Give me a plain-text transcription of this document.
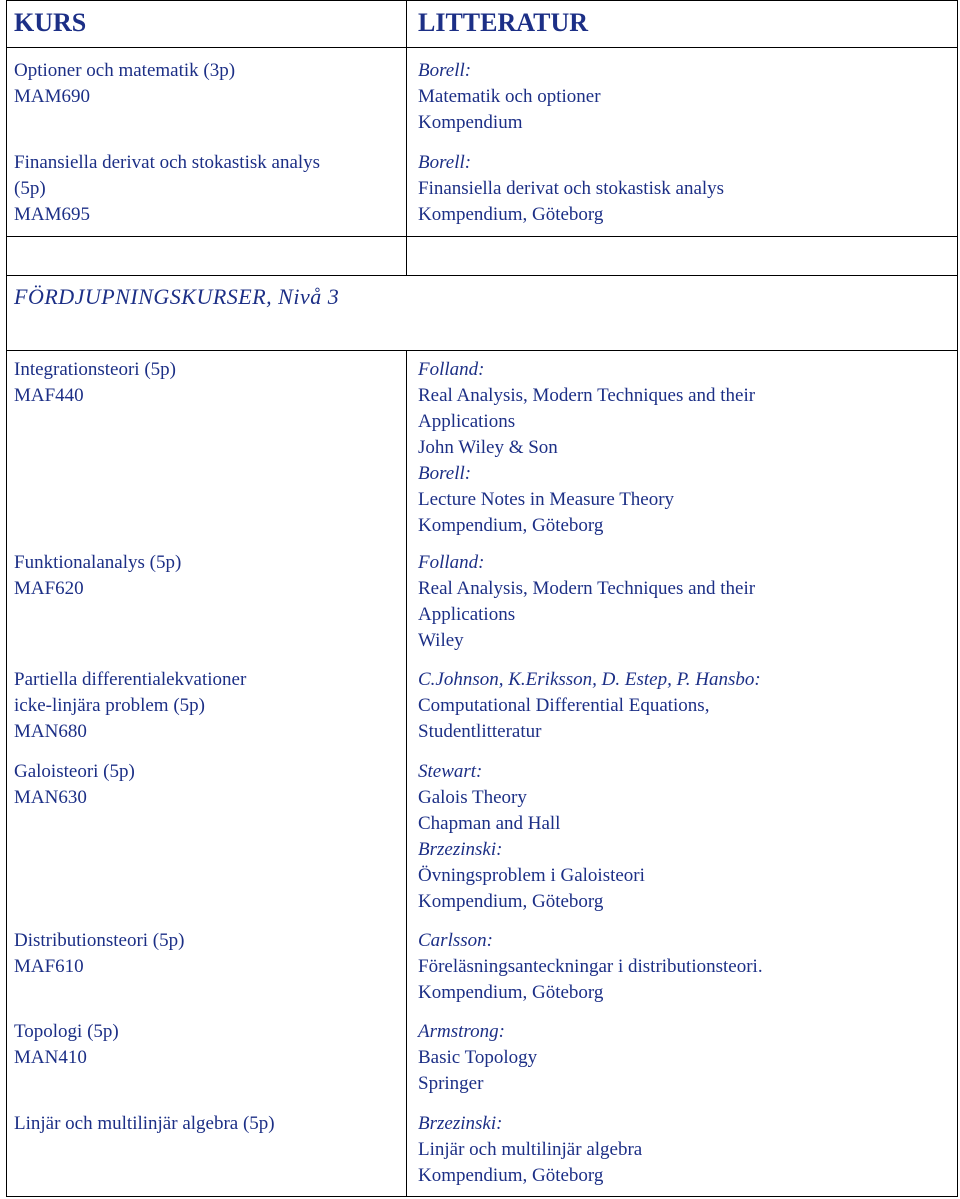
KURS	LITTERATUR
FÖRDJUPNINGSKURSER, Nivå 3
Optioner och matematik (3p)
MAM690
Finansiella derivat och stokastisk analys
(5p)
MAM695
Borell:
Matematik och optioner
Kompendium
Borell:
Finansiella derivat och stokastisk analys
Kompendium, Göteborg
Integrationsteori (5p)
MAF440
Funktionalanalys (5p)
MAF620
Partiella differentialekvationer
icke-linjära problem (5p)
MAN680
Galoisteori (5p)
MAN630
Distributionsteori (5p)
MAF610
Topologi (5p)
MAN410
Linjär och multilinjär algebra (5p)
Folland:
Real Analysis, Modern Techniques and their
Applications
John Wiley & Son
Borell:
Lecture Notes in Measure Theory
Kompendium, Göteborg
Folland:
Real Analysis, Modern Techniques and their
Applications
Wiley
C.Johnson, K.Eriksson, D. Estep, P. Hansbo:
Computational Differential Equations,
Studentlitteratur
Stewart:
Galois Theory
Chapman and Hall
Brzezinski:
Övningsproblem i Galoisteori
Kompendium, Göteborg
Carlsson:
Föreläsningsanteckningar i distributionsteori.
Kompendium, Göteborg
Armstrong:
Basic Topology
Springer
Brzezinski:
Linjär och multilinjär algebra
Kompendium, Göteborg
